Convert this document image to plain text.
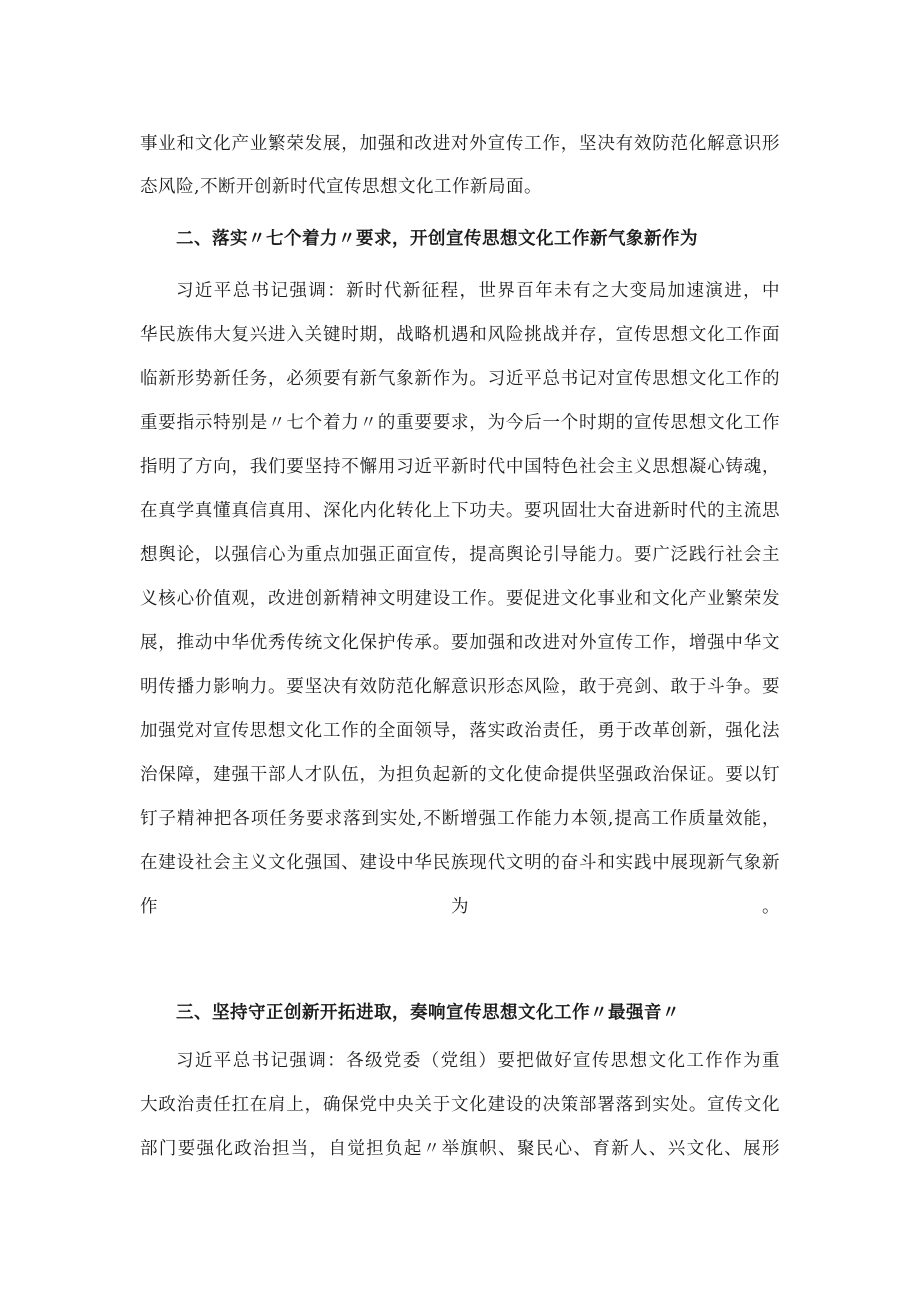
事业和文化产业繁荣发展，加强和改进对外宣传工作，坚决有效防范化解意识形
态风险,不断开创新时代宣传思想文化工作新局面。
二、落实〃七个着力〃要求，开创宣传思想文化工作新气象新作为
习近平总书记强调：新时代新征程，世界百年未有之大变局加速演进，中
华民族伟大复兴进入关键时期，战略机遇和风险挑战并存，宣传思想文化工作面
临新形势新任务，必须要有新气象新作为。习近平总书记对宣传思想文化工作的
重要指示特别是〃七个着力〃的重要要求，为今后一个时期的宣传思想文化工作
指明了方向，我们要坚持不懈用习近平新时代中国特色社会主义思想凝心铸魂，
在真学真懂真信真用、深化内化转化上下功夫。要巩固壮大奋进新时代的主流思
想舆论，以强信心为重点加强正面宣传，提高舆论引导能力。要广泛践行社会主
义核心价值观，改进创新精神文明建设工作。要促进文化事业和文化产业繁荣发
展，推动中华优秀传统文化保护传承。要加强和改进对外宣传工作，增强中华文
明传播力影响力。要坚决有效防范化解意识形态风险，敢于亮剑、敢于斗争。要
加强党对宣传思想文化工作的全面领导，落实政治责任，勇于改革创新，强化法
治保障，建强干部人才队伍，为担负起新的文化使命提供坚强政治保证。要以钉
钉子精神把各项任务要求落到实处,不断增强工作能力本领,提高工作质量效能，
在建设社会主义文化强国、建设中华民族现代文明的奋斗和实践中展现新气象新
作为。
三、坚持守正创新开拓进取，奏响宣传思想文化工作〃最强音〃
习近平总书记强调：各级党委（党组）要把做好宣传思想文化工作作为重
大政治责任扛在肩上，确保党中央关于文化建设的决策部署落到实处。宣传文化
部门要强化政治担当，自觉担负起〃举旗帜、聚民心、育新人、兴文化、展形
